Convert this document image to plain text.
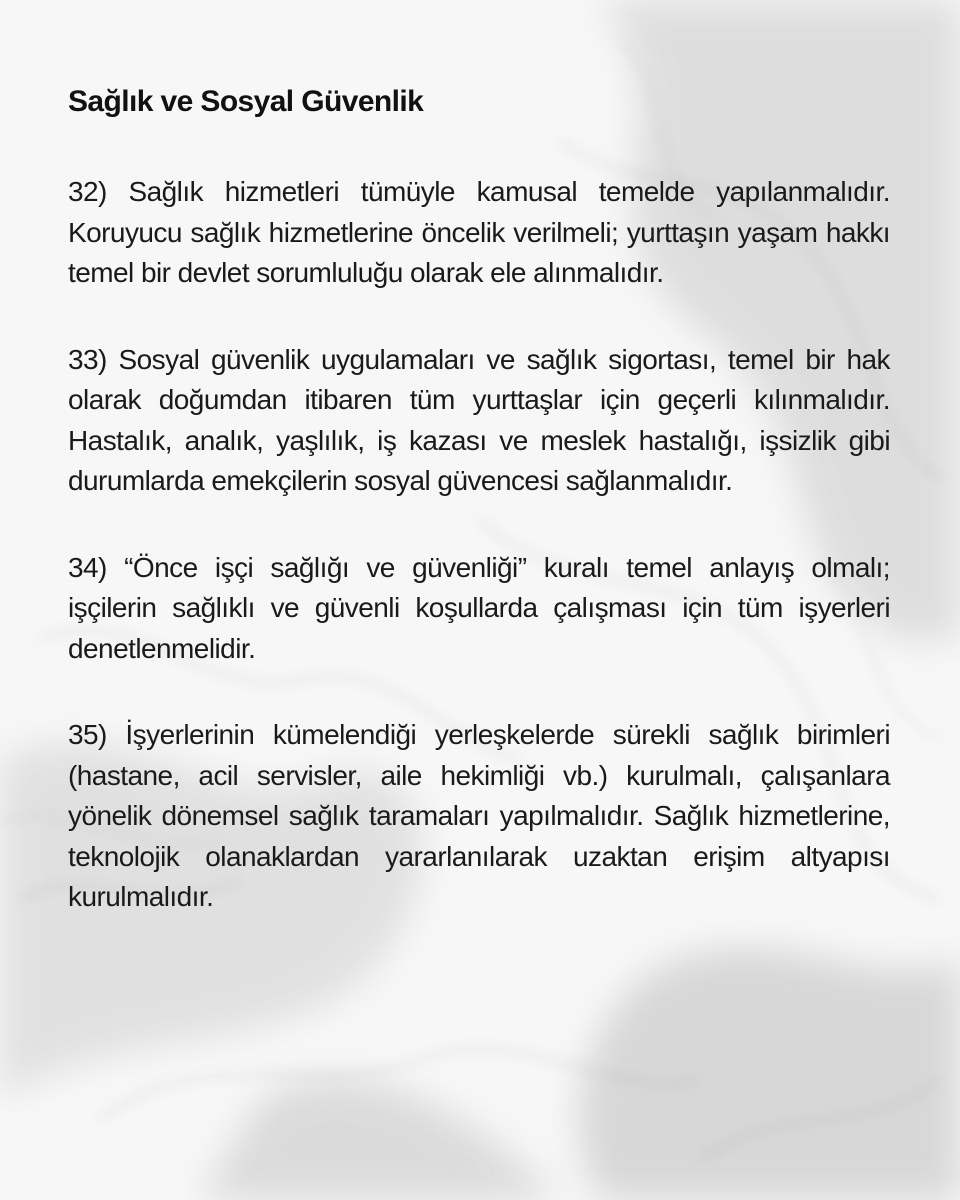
Sağlık ve Sosyal Güvenlik

32) Sağlık hizmetleri tümüyle kamusal temelde yapılanmalıdır. Koruyucu sağlık hizmetlerine öncelik verilmeli; yurttaşın yaşam hakkı temel bir devlet sorumluluğu olarak ele alınmalıdır.

33) Sosyal güvenlik uygulamaları ve sağlık sigortası, temel bir hak olarak doğumdan itibaren tüm yurttaşlar için geçerli kılınmalıdır. Hastalık, analık, yaşlılık, iş kazası ve meslek hastalığı, işsizlik gibi durumlarda emekçilerin sosyal güvencesi sağlanmalıdır.

34) “Önce işçi sağlığı ve güvenliği” kuralı temel anlayış olmalı; işçilerin sağlıklı ve güvenli koşullarda çalışması için tüm işyerleri denetlenmelidir.

35) İşyerlerinin kümelendiği yerleşkelerde sürekli sağlık birimleri (hastane, acil servisler, aile hekimliği vb.) kurulmalı, çalışanlara yönelik dönemsel sağlık taramaları yapılmalıdır. Sağlık hizmetlerine, teknolojik olanaklardan yararlanılarak uzaktan erişim altyapısı kurulmalıdır.
